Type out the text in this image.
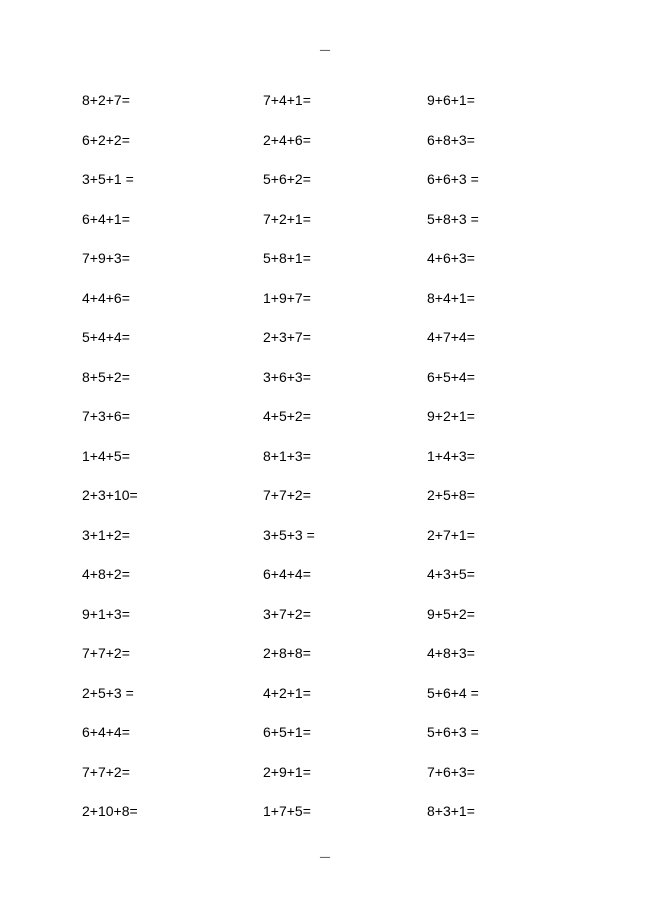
-----
8+2+7=	7+4+1=	9+6+1=
6+2+2=	2+4+6=	6+8+3=
3+5+1 =	5+6+2=	6+6+3 =
6+4+1=	7+2+1=	5+8+3 =
7+9+3=	5+8+1=	4+6+3=
4+4+6=	1+9+7=	8+4+1=
5+4+4=	2+3+7=	4+7+4=
8+5+2=	3+6+3=	6+5+4=
7+3+6=	4+5+2=	9+2+1=
1+4+5=	8+1+3=	1+4+3=
2+3+10=	7+7+2=	2+5+8=
3+1+2=	3+5+3 =	2+7+1=
4+8+2=	6+4+4=	4+3+5=
9+1+3=	3+7+2=	9+5+2=
7+7+2=	2+8+8=	4+8+3=
2+5+3 =	4+2+1=	5+6+4 =
6+4+4=	6+5+1=	5+6+3 =
7+7+2=	2+9+1=	7+6+3=
2+10+8=	1+7+5=	8+3+1=
-----
